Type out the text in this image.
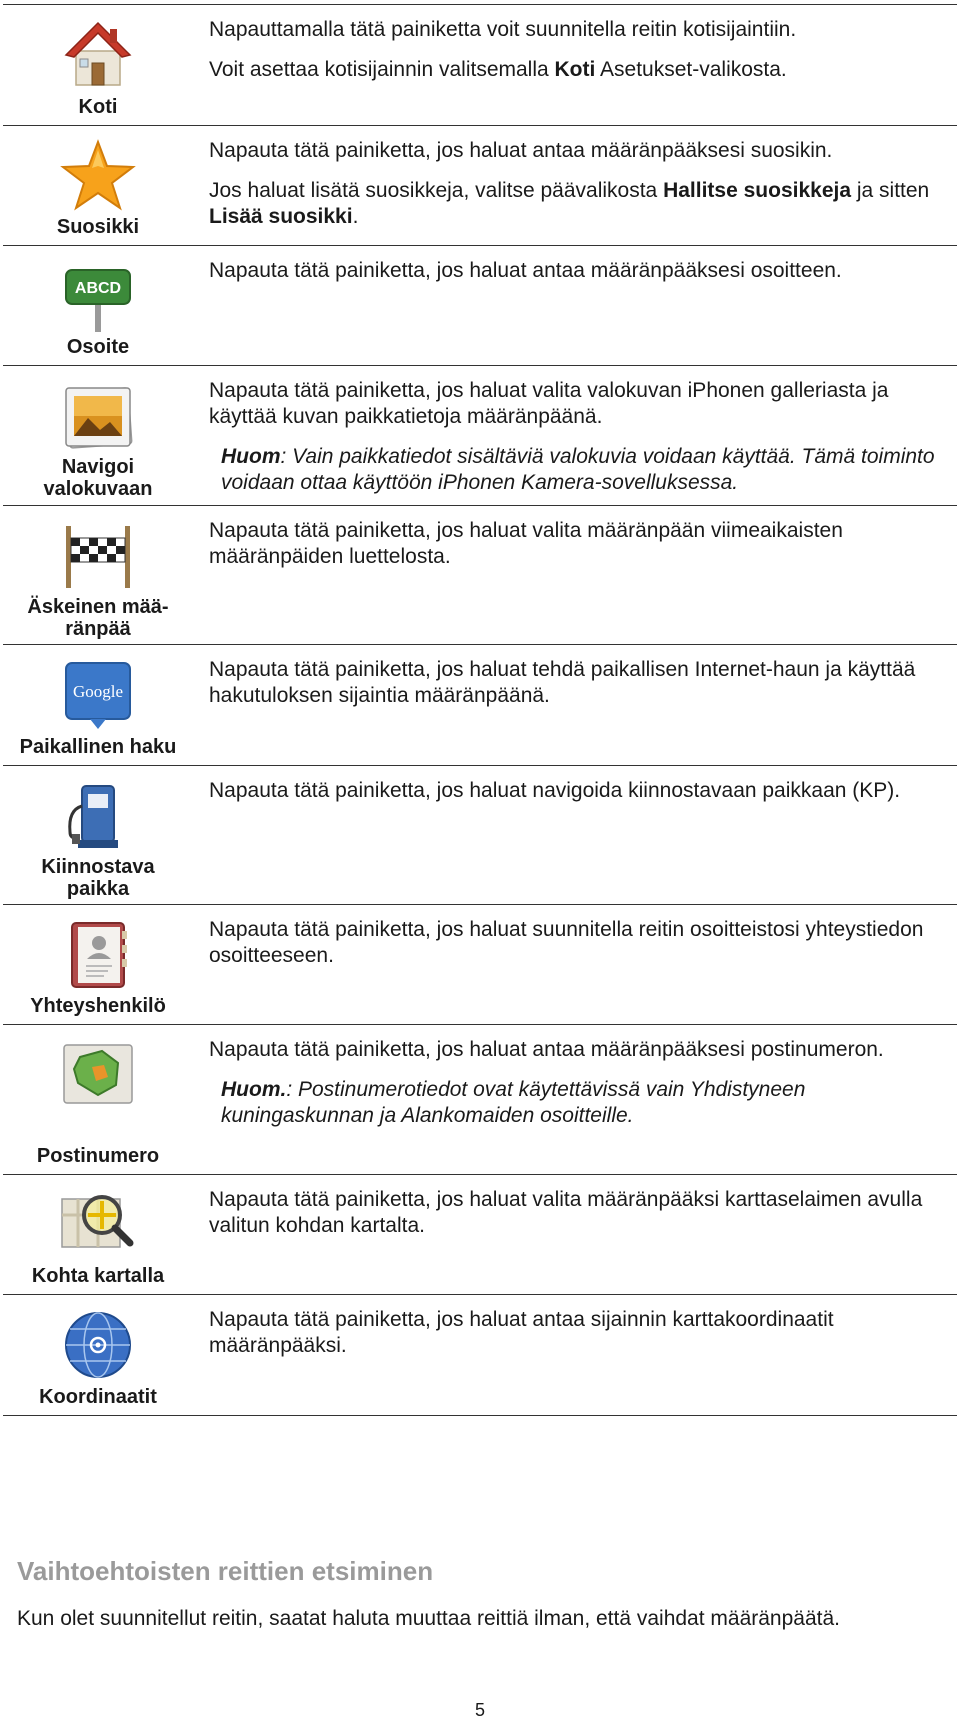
Koti

Napauttamalla tätä painiketta voit suunnitella reitin kotisijaintiin.

Voit asettaa kotisijainnin valitsemalla Koti Asetukset-valikosta.

Suosikki

Napauta tätä painiketta, jos haluat antaa määränpääksesi suosikin.

Jos haluat lisätä suosikkeja, valitse päävalikosta Hallitse suosikkeja ja sitten Lisää suosikki.

ABCD
Osoite

Napauta tätä painiketta, jos haluat antaa määränpääksesi osoitteen.

Navigoi
valokuvaan

Napauta tätä painiketta, jos haluat valita valokuvan iPhonen galleriasta ja käyttää kuvan paikkatietoja määränpäänä.

Huom: Vain paikkatiedot sisältäviä valokuvia voidaan käyttää. Tämä toiminto voidaan ottaa käyttöön iPhonen Kamera-sovelluksessa.

Äskeinen mää-
ränpää

Napauta tätä painiketta, jos haluat valita määränpään viimeaikaisten määränpäiden luettelosta.

Google
Paikallinen haku

Napauta tätä painiketta, jos haluat tehdä paikallisen Internet-haun ja käyttää hakutuloksen sijaintia määränpäänä.

Kiinnostava
paikka

Napauta tätä painiketta, jos haluat navigoida kiinnostavaan paikkaan (KP).

Yhteyshenkilö

Napauta tätä painiketta, jos haluat suunnitella reitin osoitteistosi yhteystiedon osoitteeseen.

Postinumero

Napauta tätä painiketta, jos haluat antaa määränpääksesi postinumeron.

Huom.: Postinumerotiedot ovat käytettävissä vain Yhdistyneen kuningaskunnan ja Alankomaiden osoitteille.

Kohta kartalla

Napauta tätä painiketta, jos haluat valita määränpääksi karttaselaimen avulla valitun kohdan kartalta.

Koordinaatit

Napauta tätä painiketta, jos haluat antaa sijainnin karttakoordinaatit määränpääksi.

Vaihtoehtoisten reittien etsiminen

Kun olet suunnitellut reitin, saatat haluta muuttaa reittiä ilman, että vaihdat määränpäätä.

5
